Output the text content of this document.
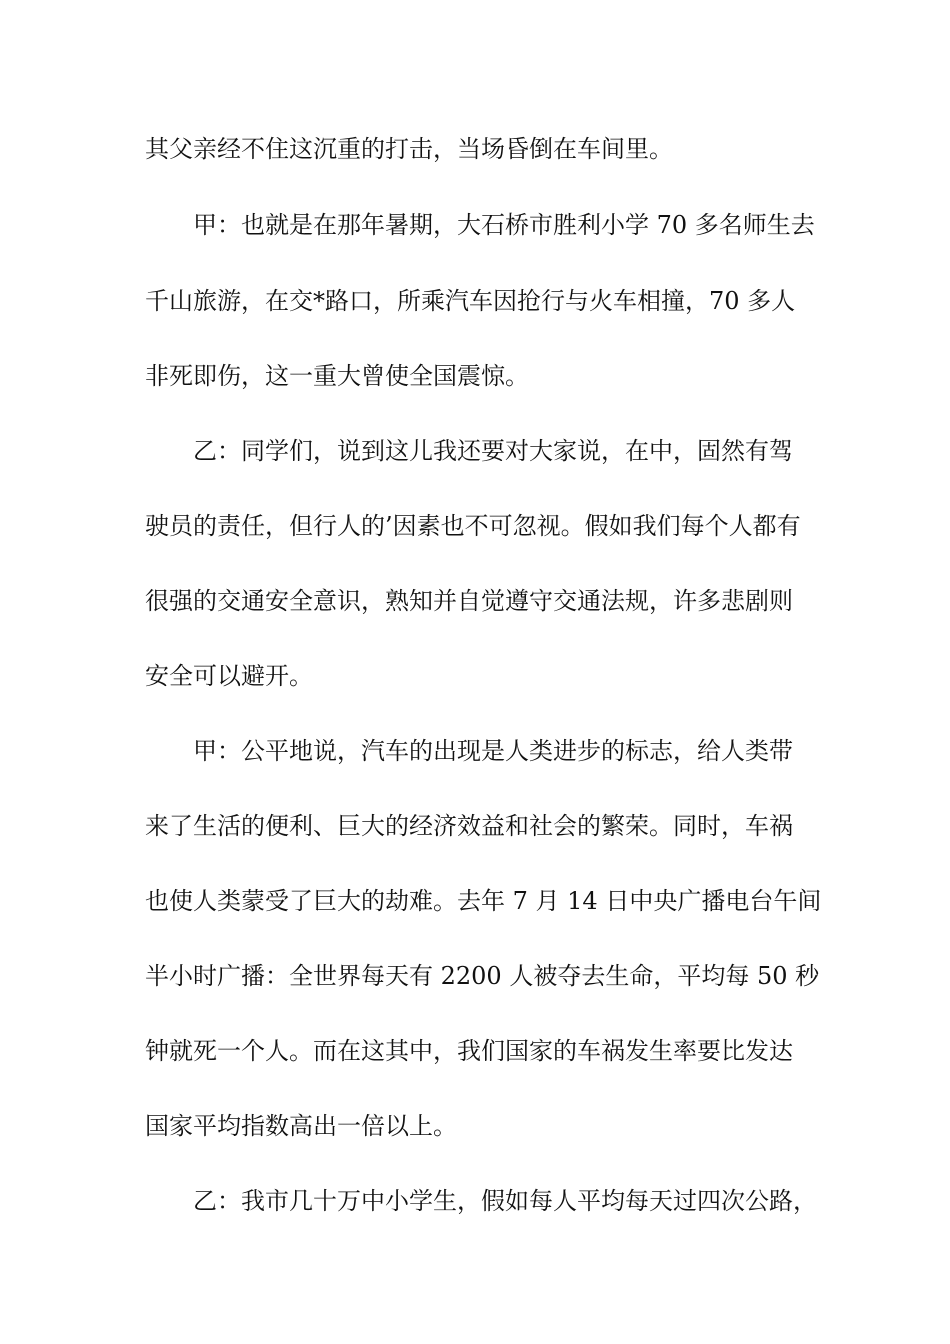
其父亲经不住这沉重的打击，当场昏倒在车间里。
甲：也就是在那年暑期，大石桥市胜利小学 70 多名师生去
千山旅游，在交*路口，所乘汽车因抢行与火车相撞，70 多人
非死即伤，这一重大曾使全国震惊。
乙：同学们，说到这儿我还要对大家说，在中，固然有驾
驶员的责任，但行人的’因素也不可忽视。假如我们每个人都有
很强的交通安全意识，熟知并自觉遵守交通法规，许多悲剧则
安全可以避开。
甲：公平地说，汽车的出现是人类进步的标志，给人类带
来了生活的便利、巨大的经济效益和社会的繁荣。同时，车祸
也使人类蒙受了巨大的劫难。去年 7 月 14 日中央广播电台午间
半小时广播：全世界每天有 2200 人被夺去生命，平均每 50 秒
钟就死一个人。而在这其中，我们国家的车祸发生率要比发达
国家平均指数高出一倍以上。
乙：我市几十万中小学生，假如每人平均每天过四次公路，
